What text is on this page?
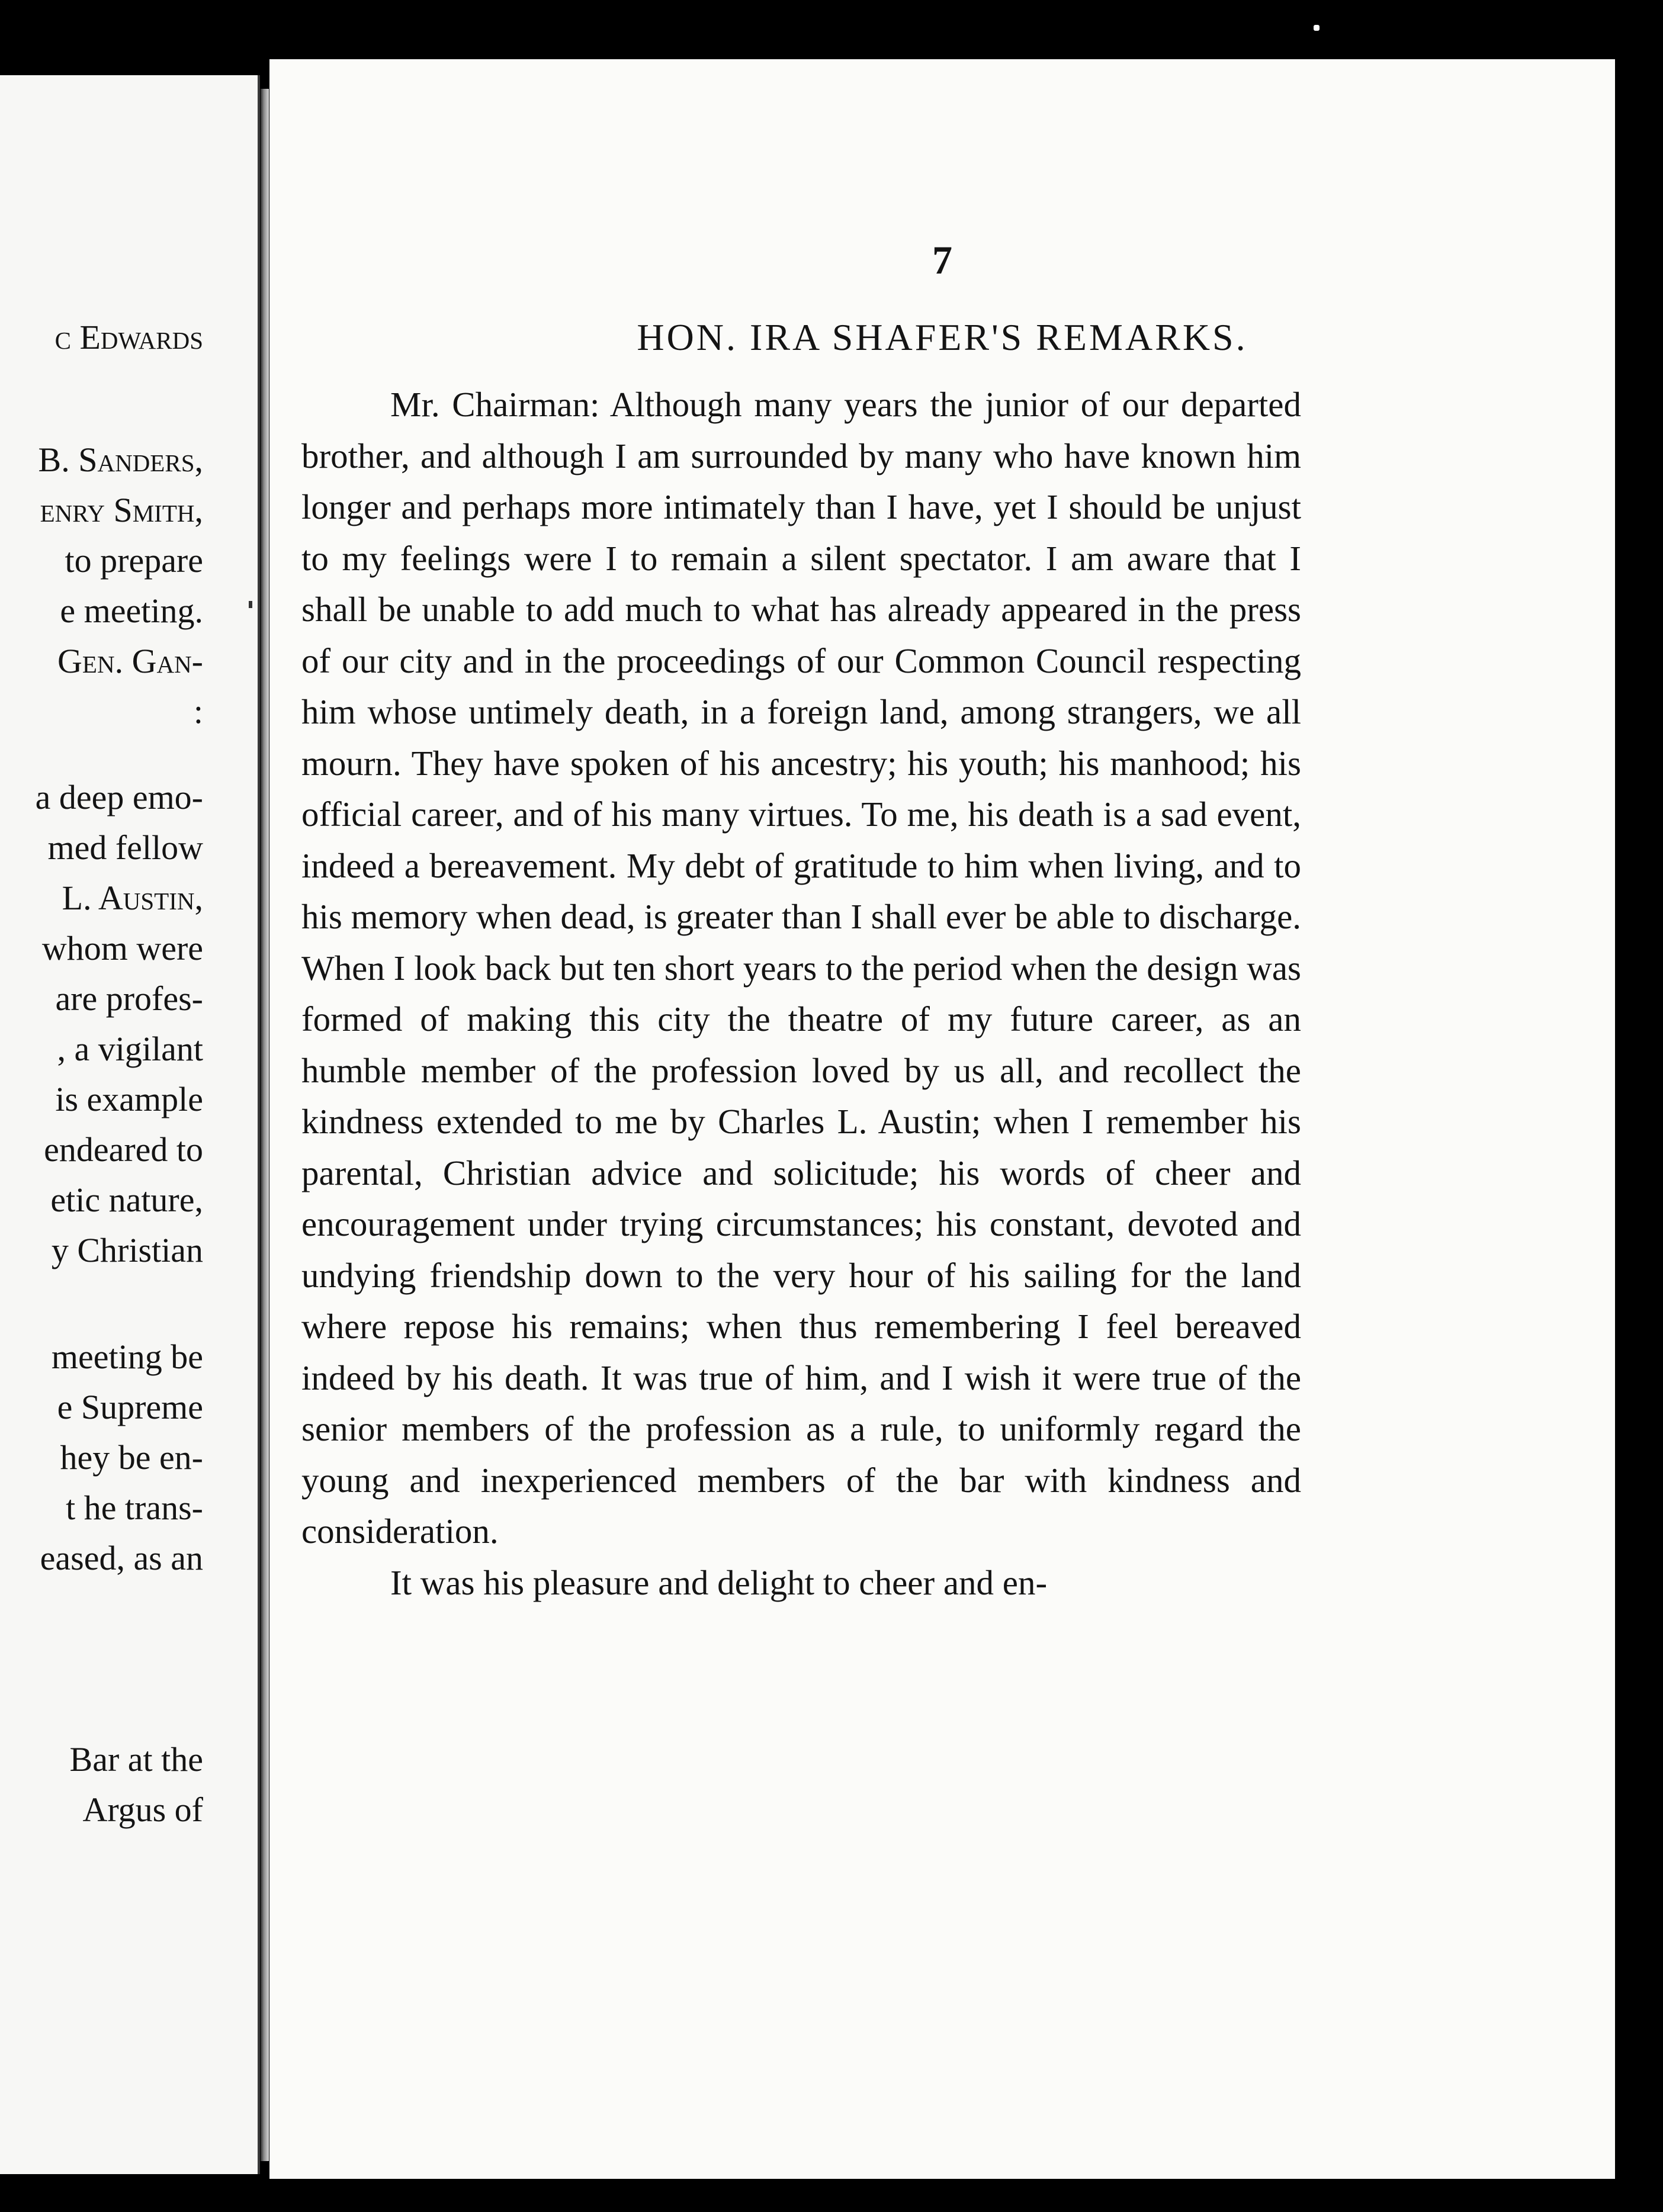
c Edwards
B. Sanders,
enry Smith,
to prepare
e meeting.
Gen. Gan-
:
a deep emo-
med fellow
L. Austin,
whom were
are profes-
, a vigilant
is example
endeared to
etic nature,
y Christian
meeting be
e Supreme
hey be en-
t he trans-
eased, as an
Bar at the
Argus of
7
HON. IRA SHAFER'S REMARKS.

Mr. Chairman: Although many years the junior of our departed brother, and although I am surrounded by many who have known him longer and perhaps more intimately than I have, yet I should be unjust to my feelings were I to remain a silent spectator. I am aware that I shall be unable to add much to what has already appeared in the press of our city and in the proceedings of our Common Council respecting him whose untimely death, in a foreign land, among strangers, we all mourn. They have spoken of his ancestry; his youth; his manhood; his official career, and of his many virtues. To me, his death is a sad event, indeed a bereavement. My debt of gratitude to him when living, and to his memory when dead, is greater than I shall ever be able to discharge. When I look back but ten short years to the period when the design was formed of making this city the theatre of my future career, as an humble member of the profession loved by us all, and recollect the kindness extended to me by Charles L. Austin; when I remember his parental, Christian advice and solicitude; his words of cheer and encouragement under trying circumstances; his constant, devoted and undying friendship down to the very hour of his sailing for the land where repose his remains; when thus remembering I feel bereaved indeed by his death. It was true of him, and I wish it were true of the senior members of the profession as a rule, to uniformly regard the young and inexperienced members of the bar with kindness and consideration.

It was his pleasure and delight to cheer and en-
